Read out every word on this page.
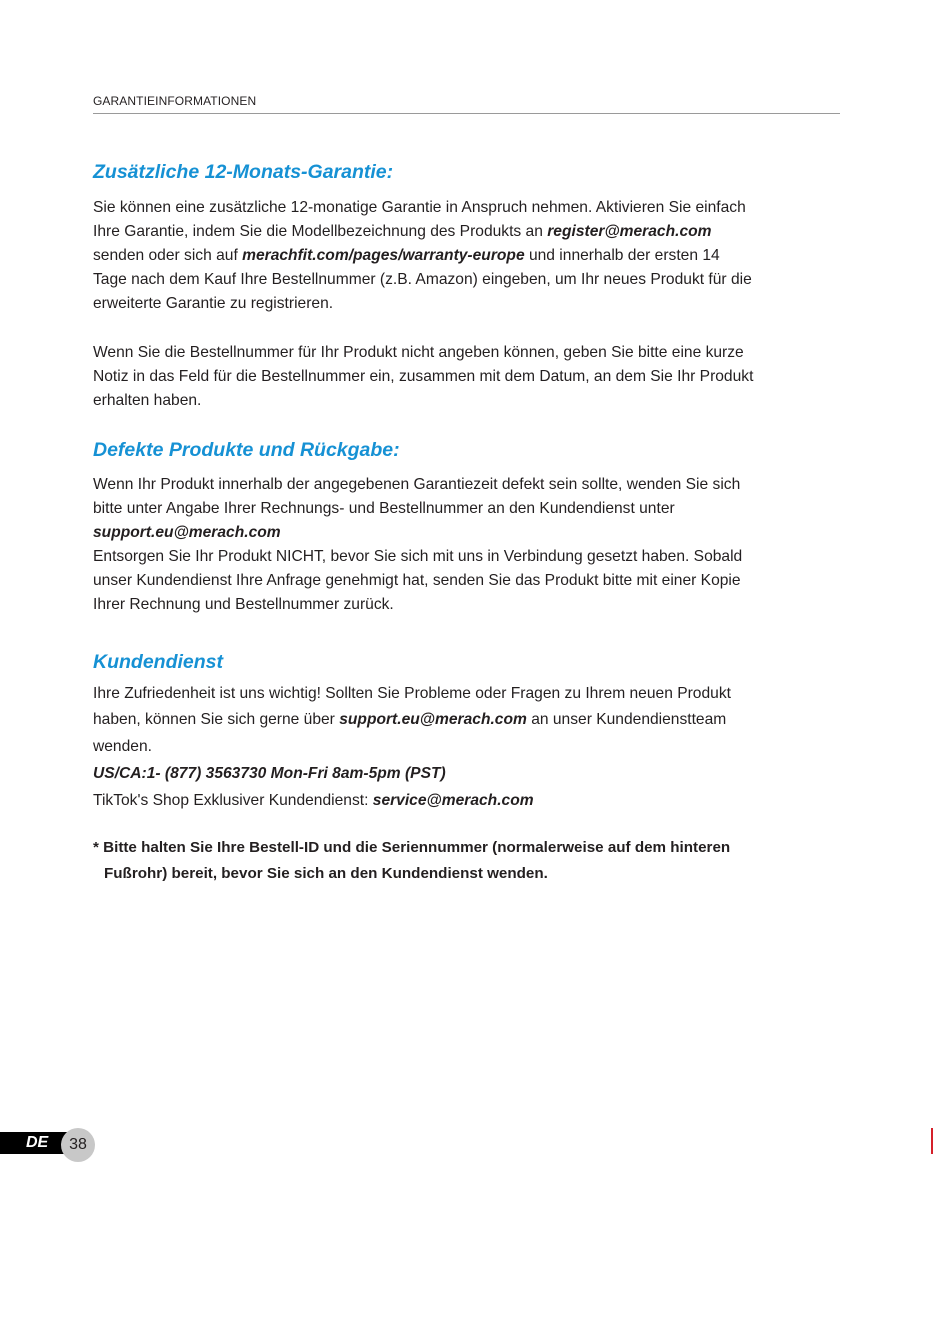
GARANTIEINFORMATIONEN
Zusätzliche 12-Monats-Garantie:
Sie können eine zusätzliche 12-monatige Garantie in Anspruch nehmen. Aktivieren Sie einfach
Ihre Garantie, indem Sie die Modellbezeichnung des Produkts an register@merach.com
senden oder sich auf merachfit.com/pages/warranty-europe und innerhalb der ersten 14
Tage nach dem Kauf Ihre Bestellnummer (z.B. Amazon) eingeben, um Ihr neues Produkt für die
erweiterte Garantie zu registrieren.
Wenn Sie die Bestellnummer für Ihr Produkt nicht angeben können, geben Sie bitte eine kurze
Notiz in das Feld für die Bestellnummer ein, zusammen mit dem Datum, an dem Sie Ihr Produkt
erhalten haben.
Defekte Produkte und Rückgabe:
Wenn Ihr Produkt innerhalb der angegebenen Garantiezeit defekt sein sollte, wenden Sie sich
bitte unter Angabe Ihrer Rechnungs- und Bestellnummer an den Kundendienst unter
support.eu@merach.com
Entsorgen Sie Ihr Produkt NICHT, bevor Sie sich mit uns in Verbindung gesetzt haben. Sobald
unser Kundendienst Ihre Anfrage genehmigt hat, senden Sie das Produkt bitte mit einer Kopie
Ihrer Rechnung und Bestellnummer zurück.
Kundendienst
Ihre Zufriedenheit ist uns wichtig! Sollten Sie Probleme oder Fragen zu Ihrem neuen Produkt
haben, können Sie sich gerne über support.eu@merach.com an unser Kundendienstteam
wenden.
US/CA:1- (877) 3563730 Mon-Fri 8am-5pm (PST)
TikTok's Shop Exklusiver Kundendienst: service@merach.com
* Bitte halten Sie Ihre Bestell-ID und die Seriennummer (normalerweise auf dem hinteren
Fußrohr) bereit, bevor Sie sich an den Kundendienst wenden.
DE	38
